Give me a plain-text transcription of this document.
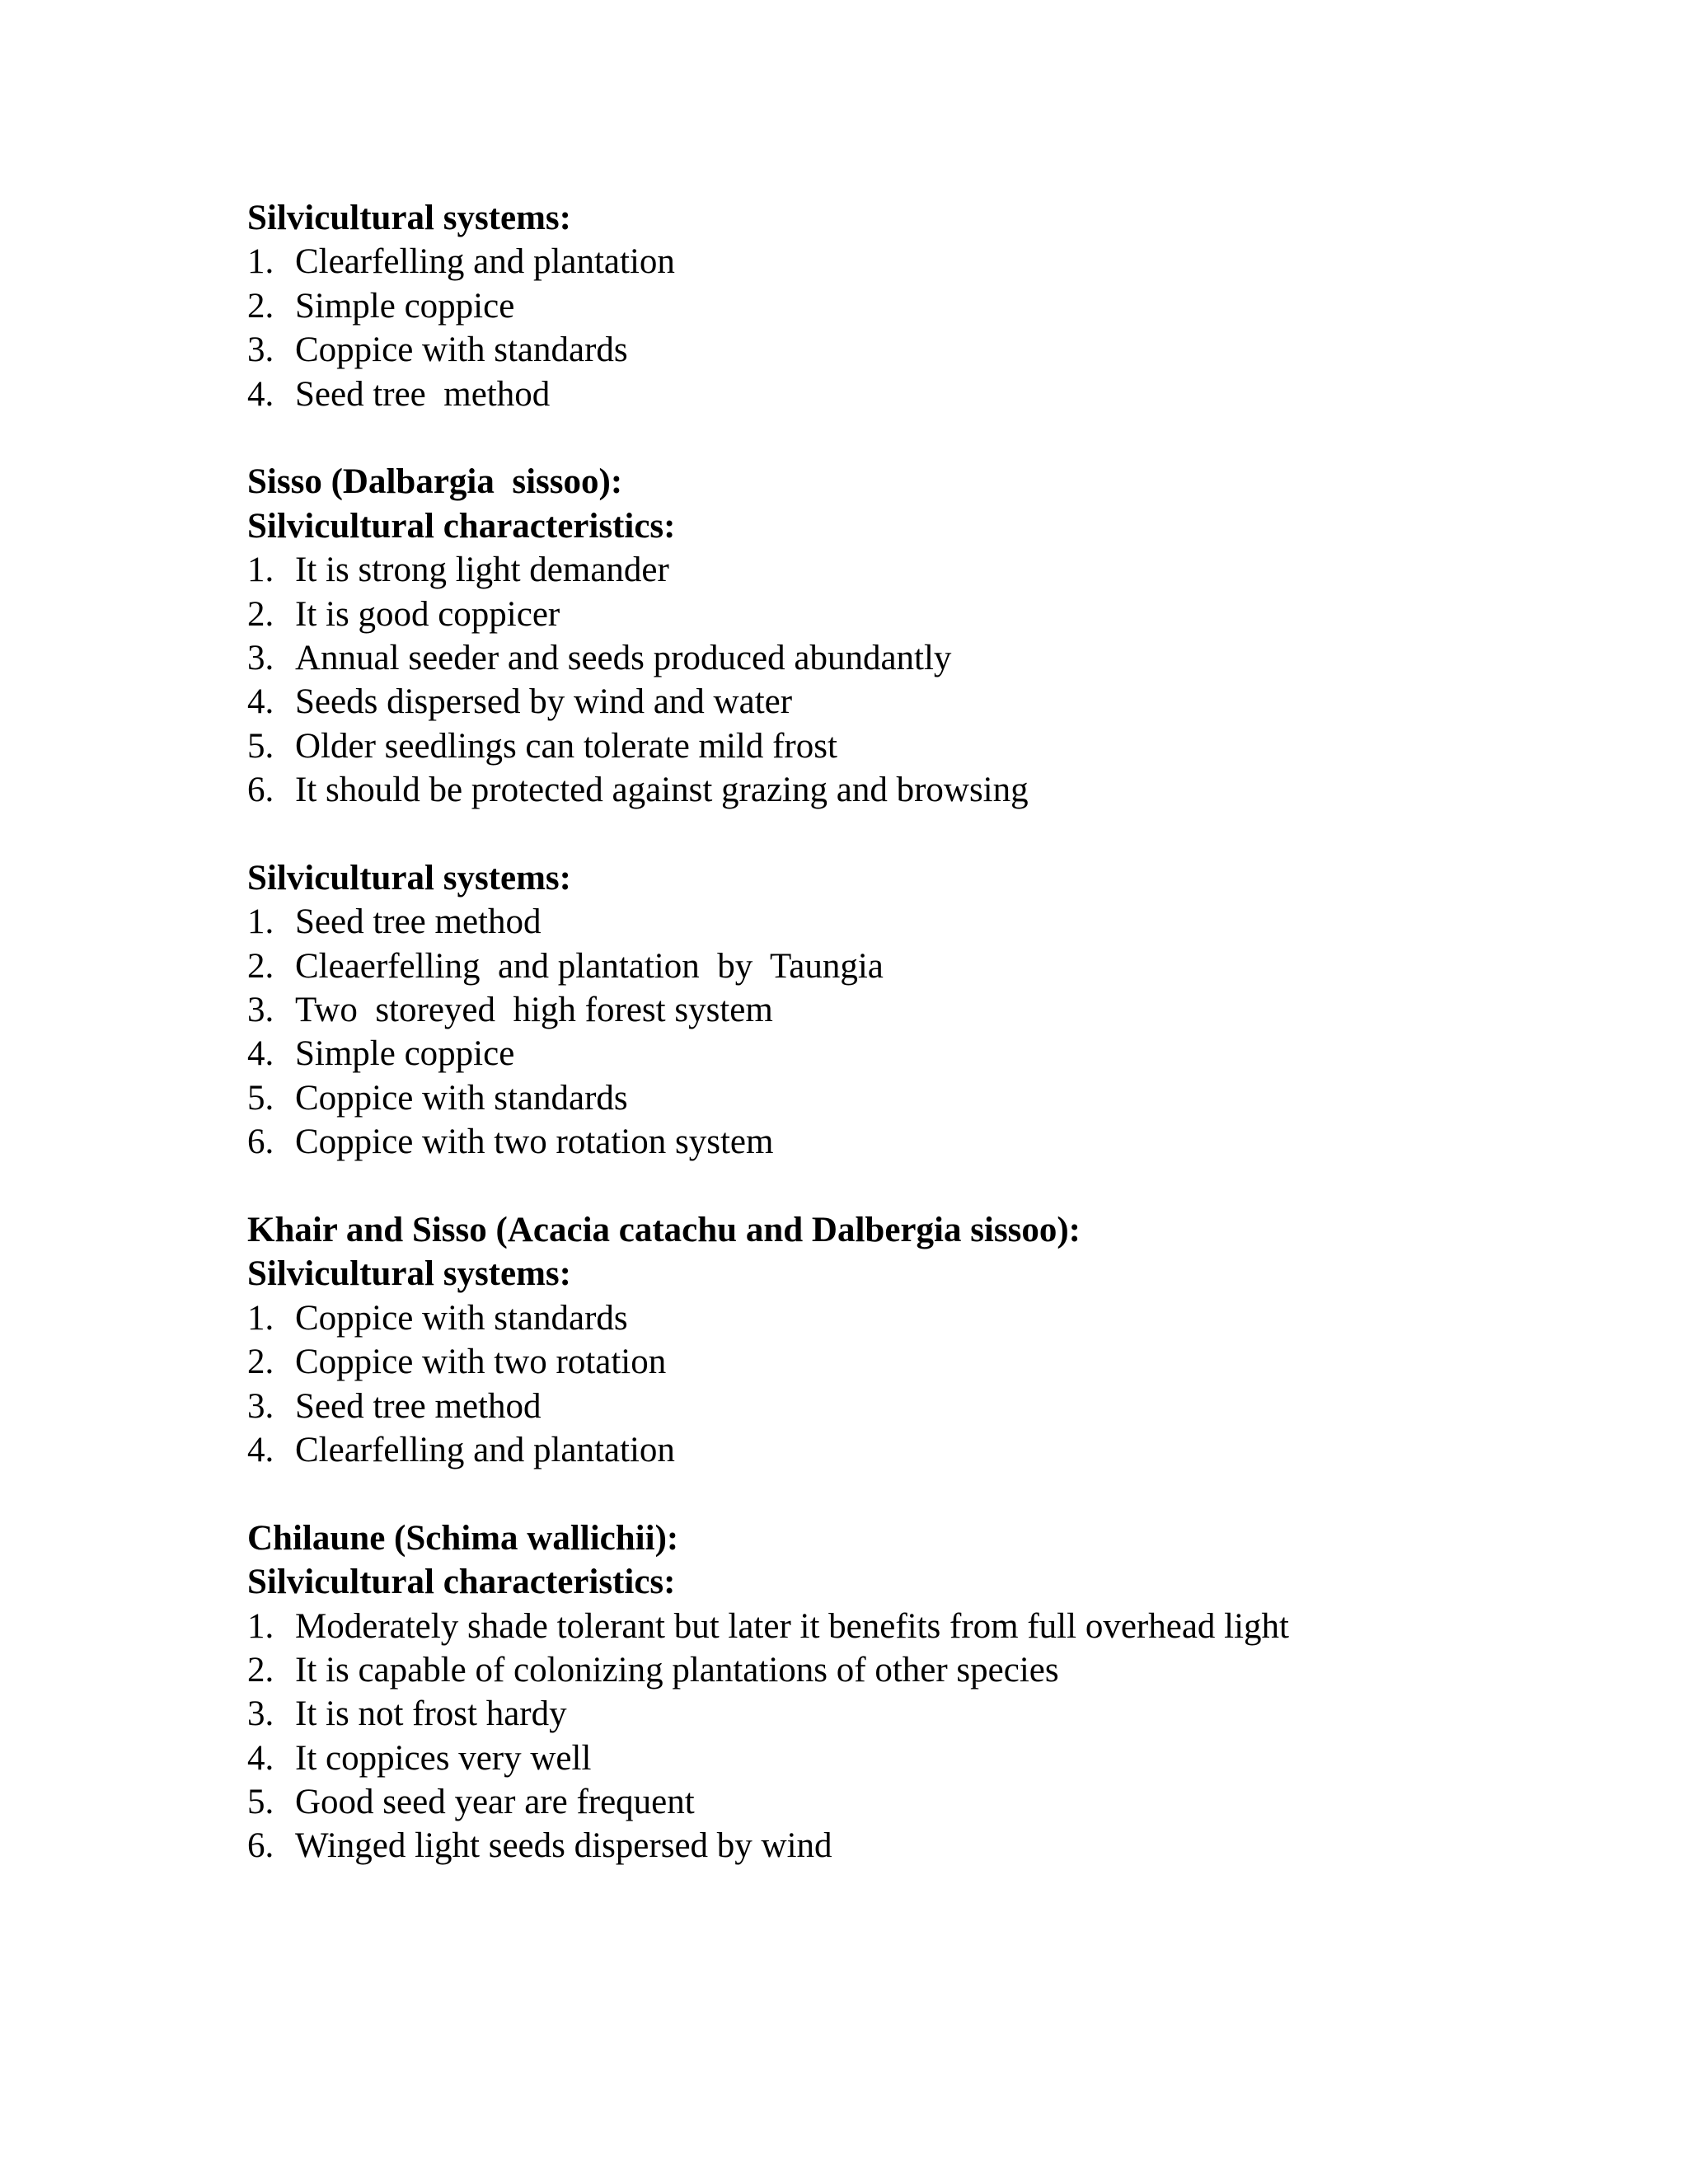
Silvicultural systems:
1. Clearfelling and plantation
2. Simple coppice
3. Coppice with standards
4. Seed tree  method
Sisso (Dalbargia  sissoo):
Silvicultural characteristics:
1. It is strong light demander
2. It is good coppicer
3. Annual seeder and seeds produced abundantly
4. Seeds dispersed by wind and water
5. Older seedlings can tolerate mild frost
6. It should be protected against grazing and browsing
Silvicultural systems:
1. Seed tree method
2. Cleaerfelling  and plantation  by  Taungia
3. Two  storeyed  high forest system
4. Simple coppice
5. Coppice with standards
6. Coppice with two rotation system
Khair and Sisso (Acacia catachu and Dalbergia sissoo):
Silvicultural systems:
1. Coppice with standards
2. Coppice with two rotation
3. Seed tree method
4. Clearfelling and plantation
Chilaune (Schima wallichii):
Silvicultural characteristics:
1. Moderately shade tolerant but later it benefits from full overhead light
2. It is capable of colonizing plantations of other species
3. It is not frost hardy
4. It coppices very well
5. Good seed year are frequent
6. Winged light seeds dispersed by wind
